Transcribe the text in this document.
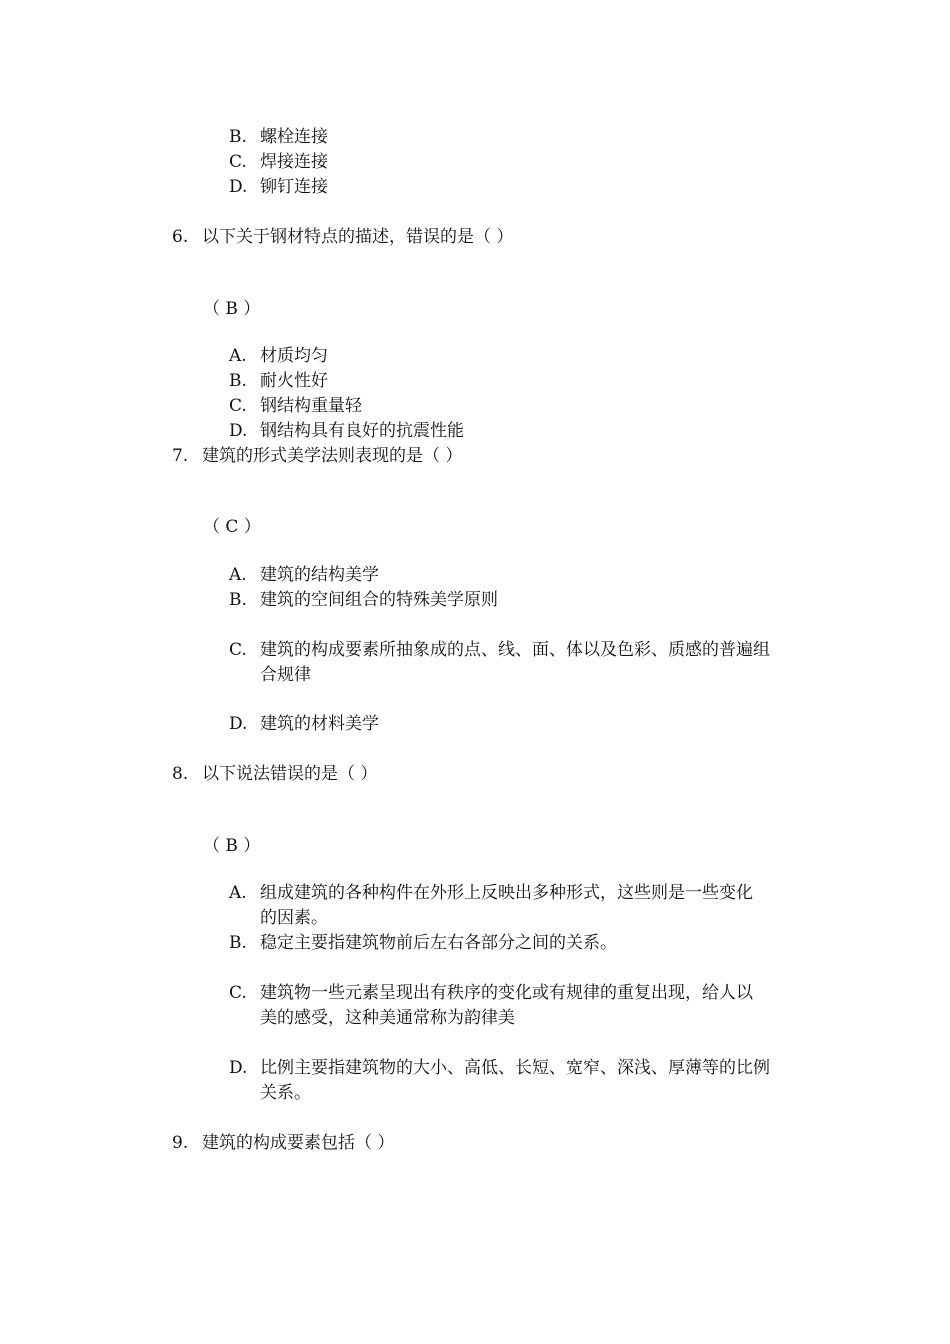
B. 螺栓连接
C. 焊接连接
D. 铆钉连接
6. 以下关于钢材特点的描述，错误的是（ ）
（ B ）
A. 材质均匀
B. 耐火性好
C. 钢结构重量轻
D. 钢结构具有良好的抗震性能
7. 建筑的形式美学法则表现的是（ ）
（ C ）
A. 建筑的结构美学
B. 建筑的空间组合的特殊美学原则
C. 建筑的构成要素所抽象成的点、线、面、体以及色彩、质感的普遍组
合规律
D. 建筑的材料美学
8. 以下说法错误的是（ ）
（ B ）
A. 组成建筑的各种构件在外形上反映出多种形式，这些则是一些变化
的因素。
B. 稳定主要指建筑物前后左右各部分之间的关系。
C. 建筑物一些元素呈现出有秩序的变化或有规律的重复出现，给人以
美的感受，这种美通常称为韵律美
D. 比例主要指建筑物的大小、高低、长短、宽窄、深浅、厚薄等的比例
关系。
9. 建筑的构成要素包括（ ）
